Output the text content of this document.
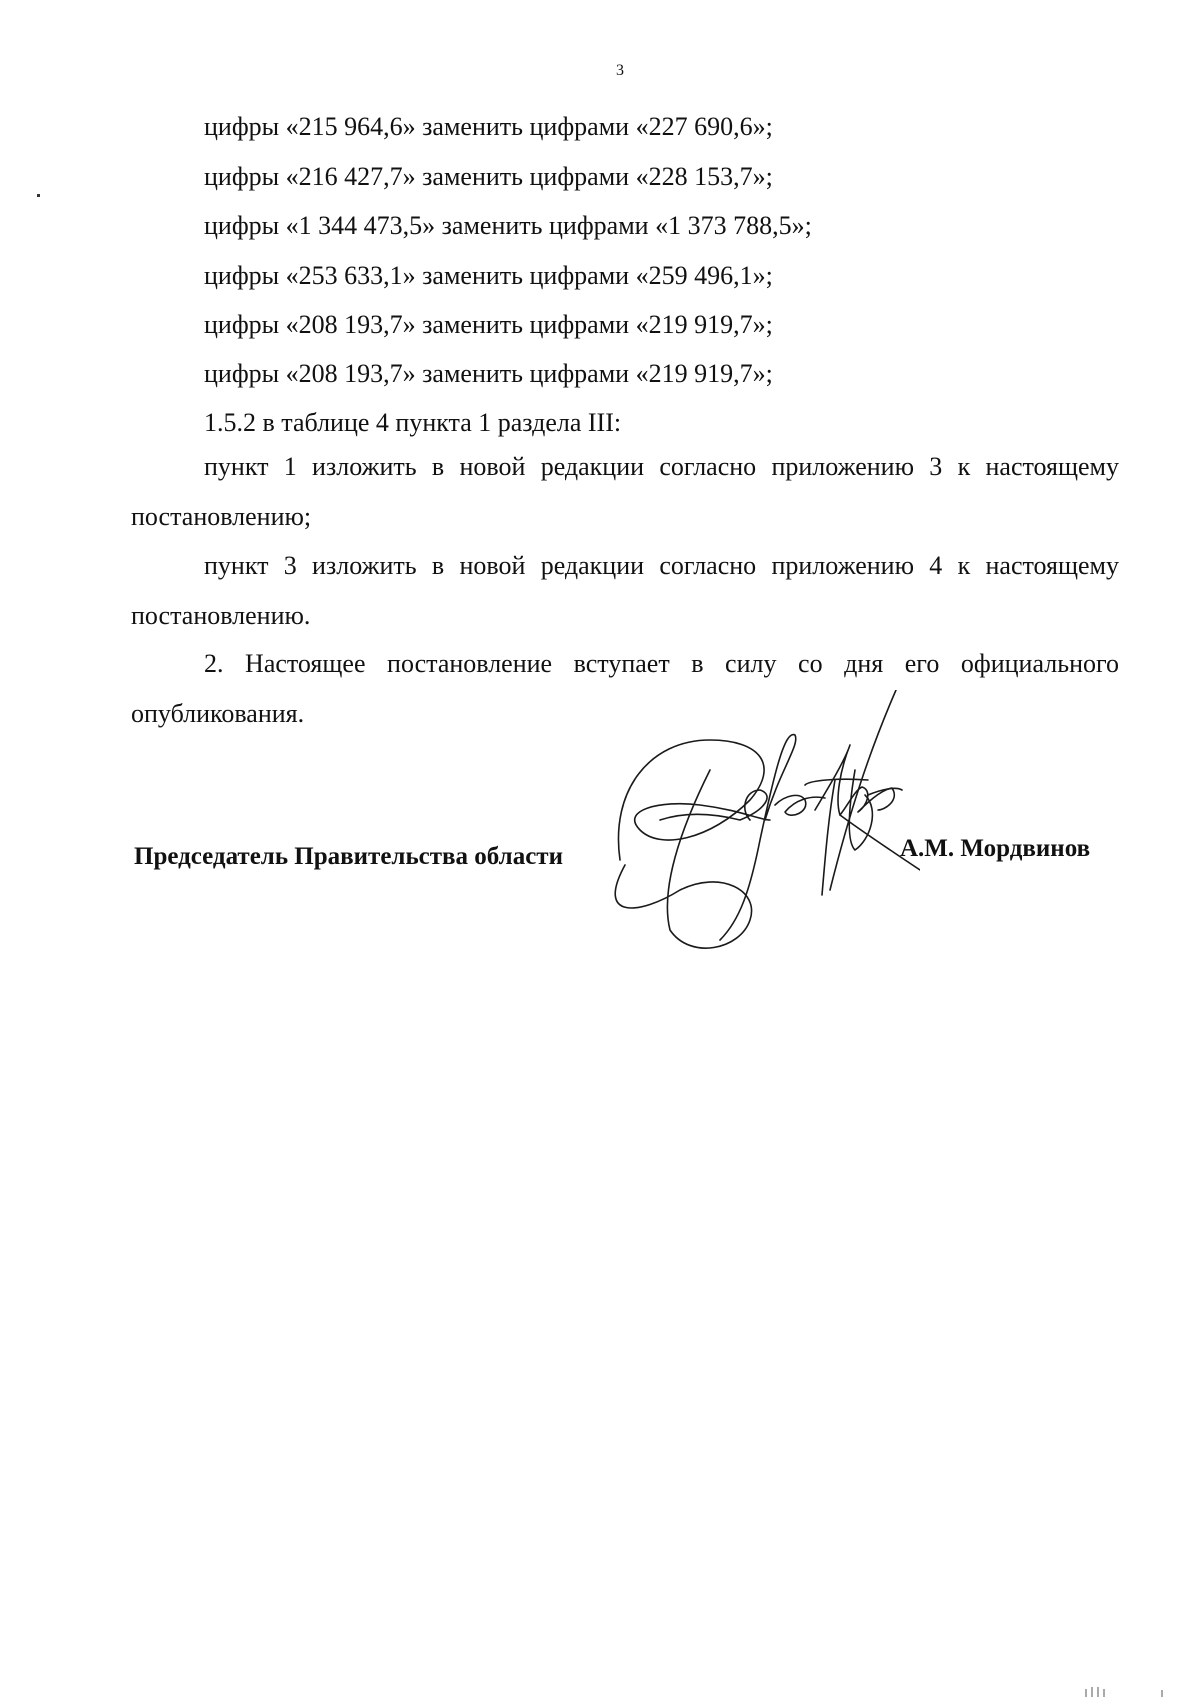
3
цифры «215 964,6» заменить цифрами «227 690,6»;
цифры «216 427,7» заменить цифрами «228 153,7»;
цифры «1 344 473,5» заменить цифрами «1 373 788,5»;
цифры «253 633,1» заменить цифрами «259 496,1»;
цифры «208 193,7» заменить цифрами «219 919,7»;
цифры «208 193,7» заменить цифрами «219 919,7»;
1.5.2 в таблице 4 пункта 1 раздела III:
пункт 1 изложить в новой редакции согласно приложению 3 к настоящему постановлению;
пункт 3 изложить в новой редакции согласно приложению 4 к настоящему постановлению.
2. Настоящее постановление вступает в силу со дня его официального опубликования.
Председатель Правительства области	А.М. Мордвинов
